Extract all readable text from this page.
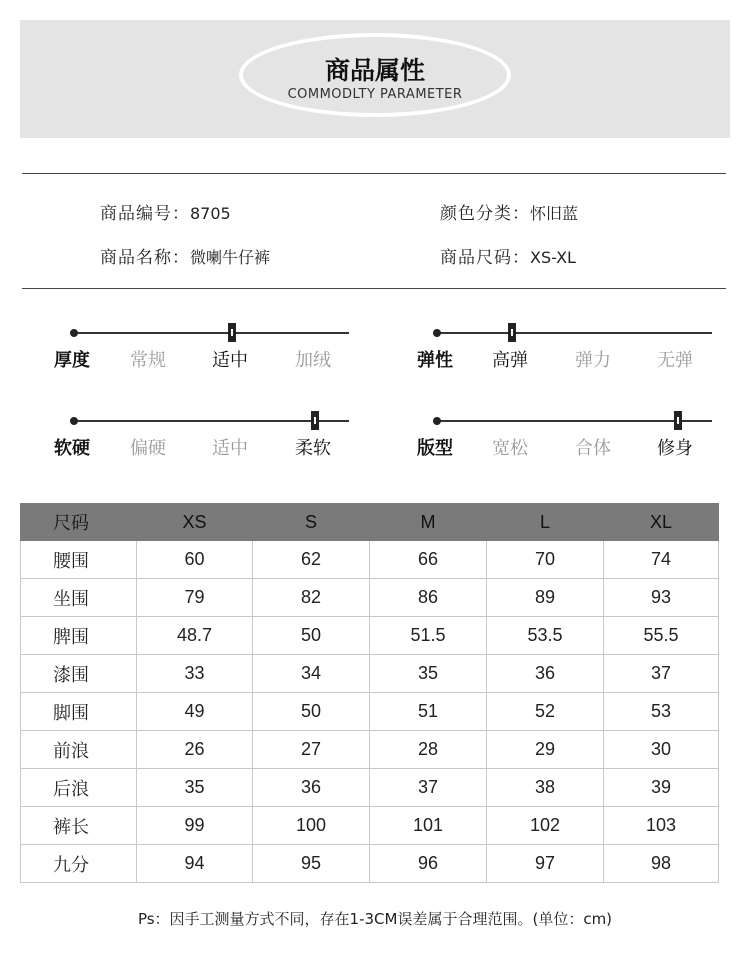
商品属性
COMMODLTY PARAMETER
商品编号：8705	颜色分类：怀旧蓝
商品名称：微喇牛仔裤	商品尺码：XS-XL
厚度 常规	适中	加绒	弹性 高弹	弹力	无弹
软硬 偏硬	适中	柔软	版型 宽松	合体	修身
尺码	XS	S	M	L	XL
腰围	60	62	66	70	74
坐围	79	82	86	89	93
脾围	48.7	50	51.5	53.5	55.5
漆围	33	34	35	36	37
脚围	49	50	51	52	53
前浪	26	27	28	29	30
后浪	35	36	37	38	39
裤长	99	100	101	102	103
九分	94	95	96	97	98
Ps：因手工测量方式不同，存在1-3CM误差属于合理范围。(单位：cm)
